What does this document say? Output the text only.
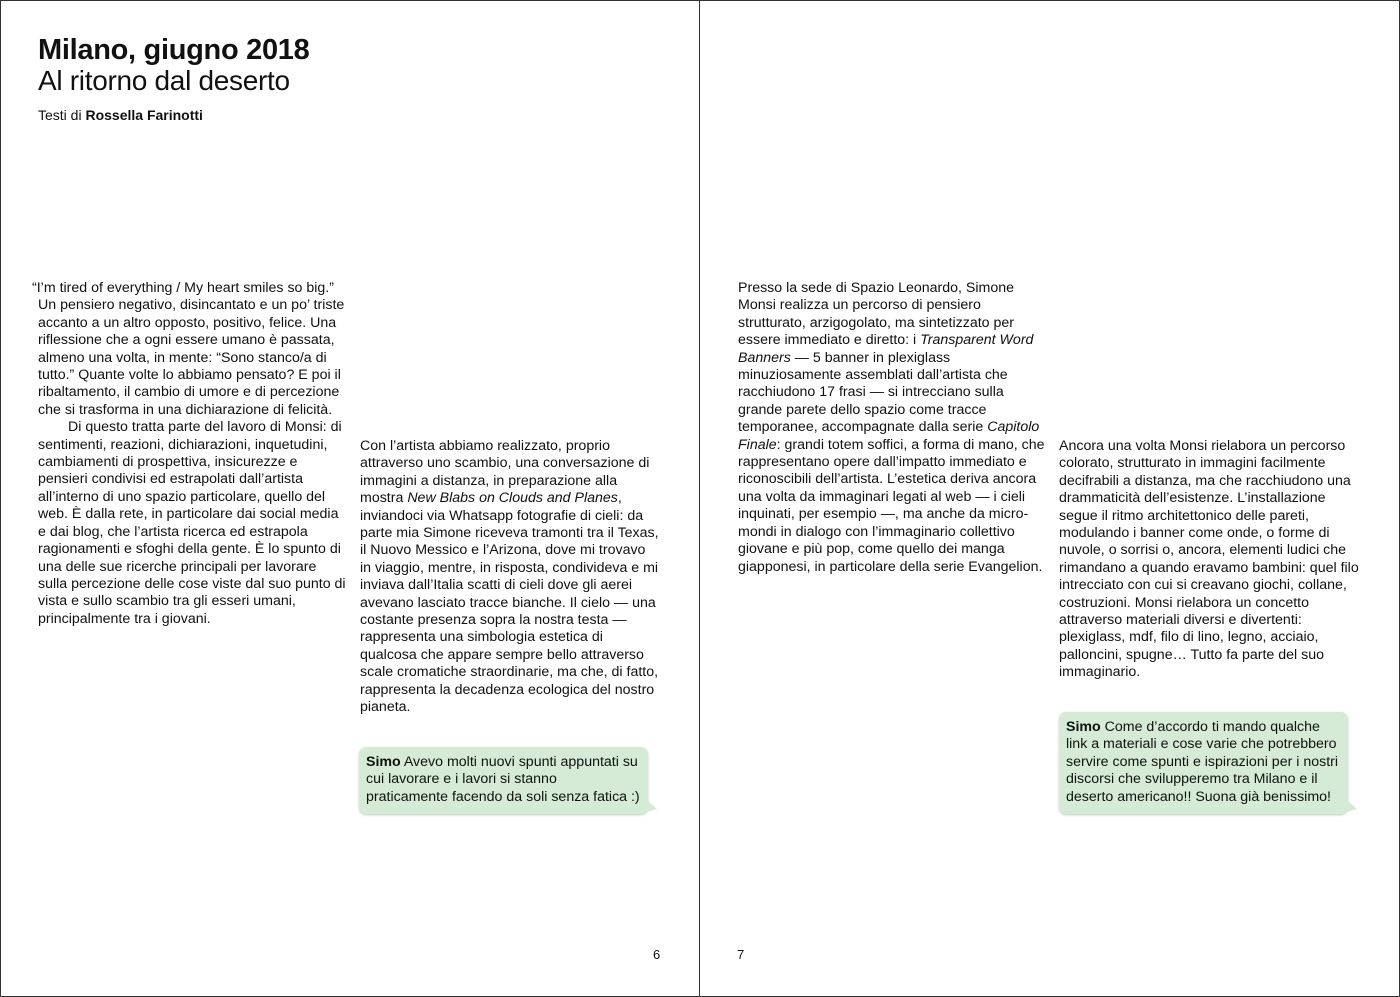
Milano, giugno 2018
Al ritorno dal deserto
Testi di Rossella Farinotti

“I’m tired of everything / My heart smiles so big.” Un pensiero negativo, disincantato e un po’ triste accanto a un altro opposto, positivo, felice. Una riflessione che a ogni essere umano è passata, almeno una volta, in mente: “Sono stanco/a di tutto.” Quante volte lo abbiamo pensato? E poi il ribaltamento, il cambio di umore e di percezione che si trasforma in una dichiarazione di felicità.

Di questo tratta parte del lavoro di Monsi: di sentimenti, reazioni, dichiarazioni, inquetudini, cambiamenti di prospettiva, insicurezze e pensieri condivisi ed estrapolati dall’artista all’interno di uno spazio particolare, quello del web. È dalla rete, in particolare dai social media e dai blog, che l’artista ricerca ed estrapola ragionamenti e sfoghi della gente. È lo spunto di una delle sue ricerche principali per lavorare sulla percezione delle cose viste dal suo punto di vista e sullo scambio tra gli esseri umani, principalmente tra i giovani.

Con l’artista abbiamo realizzato, proprio attraverso uno scambio, una conversazione di immagini a distanza, in preparazione alla mostra New Blabs on Clouds and Planes, inviandoci via Whatsapp fotografie di cieli: da parte mia Simone riceveva tramonti tra il Texas, il Nuovo Messico e l’Arizona, dove mi trovavo in viaggio, mentre, in risposta, condivideva e mi inviava dall’Italia scatti di cieli dove gli aerei avevano lasciato tracce bianche. Il cielo — una costante presenza sopra la nostra testa — rappresenta una simbologia estetica di qualcosa che appare sempre bello attraverso scale cromatiche straordinarie, ma che, di fatto, rappresenta la decadenza ecologica del nostro pianeta.

Simo Avevo molti nuovi spunti appuntati su cui lavorare e i lavori si stanno praticamente facendo da soli senza fatica :)
6

Presso la sede di Spazio Leonardo, Simone Monsi realizza un percorso di pensiero strutturato, arzigogolato, ma sintetizzato per essere immediato e diretto: i Transparent Word Banners — 5 banner in plexiglass minuziosamente assemblati dall’artista che racchiudono 17 frasi — si intrecciano sulla grande parete dello spazio come tracce temporanee, accompagnate dalla serie Capitolo Finale: grandi totem soffici, a forma di mano, che rappresentano opere dall’impatto immediato e riconoscibili dell’artista. L’estetica deriva ancora una volta da immaginari legati al web — i cieli inquinati, per esempio —, ma anche da micro-mondi in dialogo con l’immaginario collettivo giovane e più pop, come quello dei manga giapponesi, in particolare della serie Evangelion.

Ancora una volta Monsi rielabora un percorso colorato, strutturato in immagini facilmente decifrabili a distanza, ma che racchiudono una drammaticità dell’esistenze. L’installazione segue il ritmo architettonico delle pareti, modulando i banner come onde, o forme di nuvole, o sorrisi o, ancora, elementi ludici che rimandano a quando eravamo bambini: quel filo intrecciato con cui si creavano giochi, collane, costruzioni. Monsi rielabora un concetto attraverso materiali diversi e divertenti: plexiglass, mdf, filo di lino, legno, acciaio, palloncini, spugne… Tutto fa parte del suo immaginario.

Simo Come d’accordo ti mando qualche link a materiali e cose varie che potrebbero servire come spunti e ispirazioni per i nostri discorsi che svilupperemo tra Milano e il deserto americano!! Suona già benissimo!
7
